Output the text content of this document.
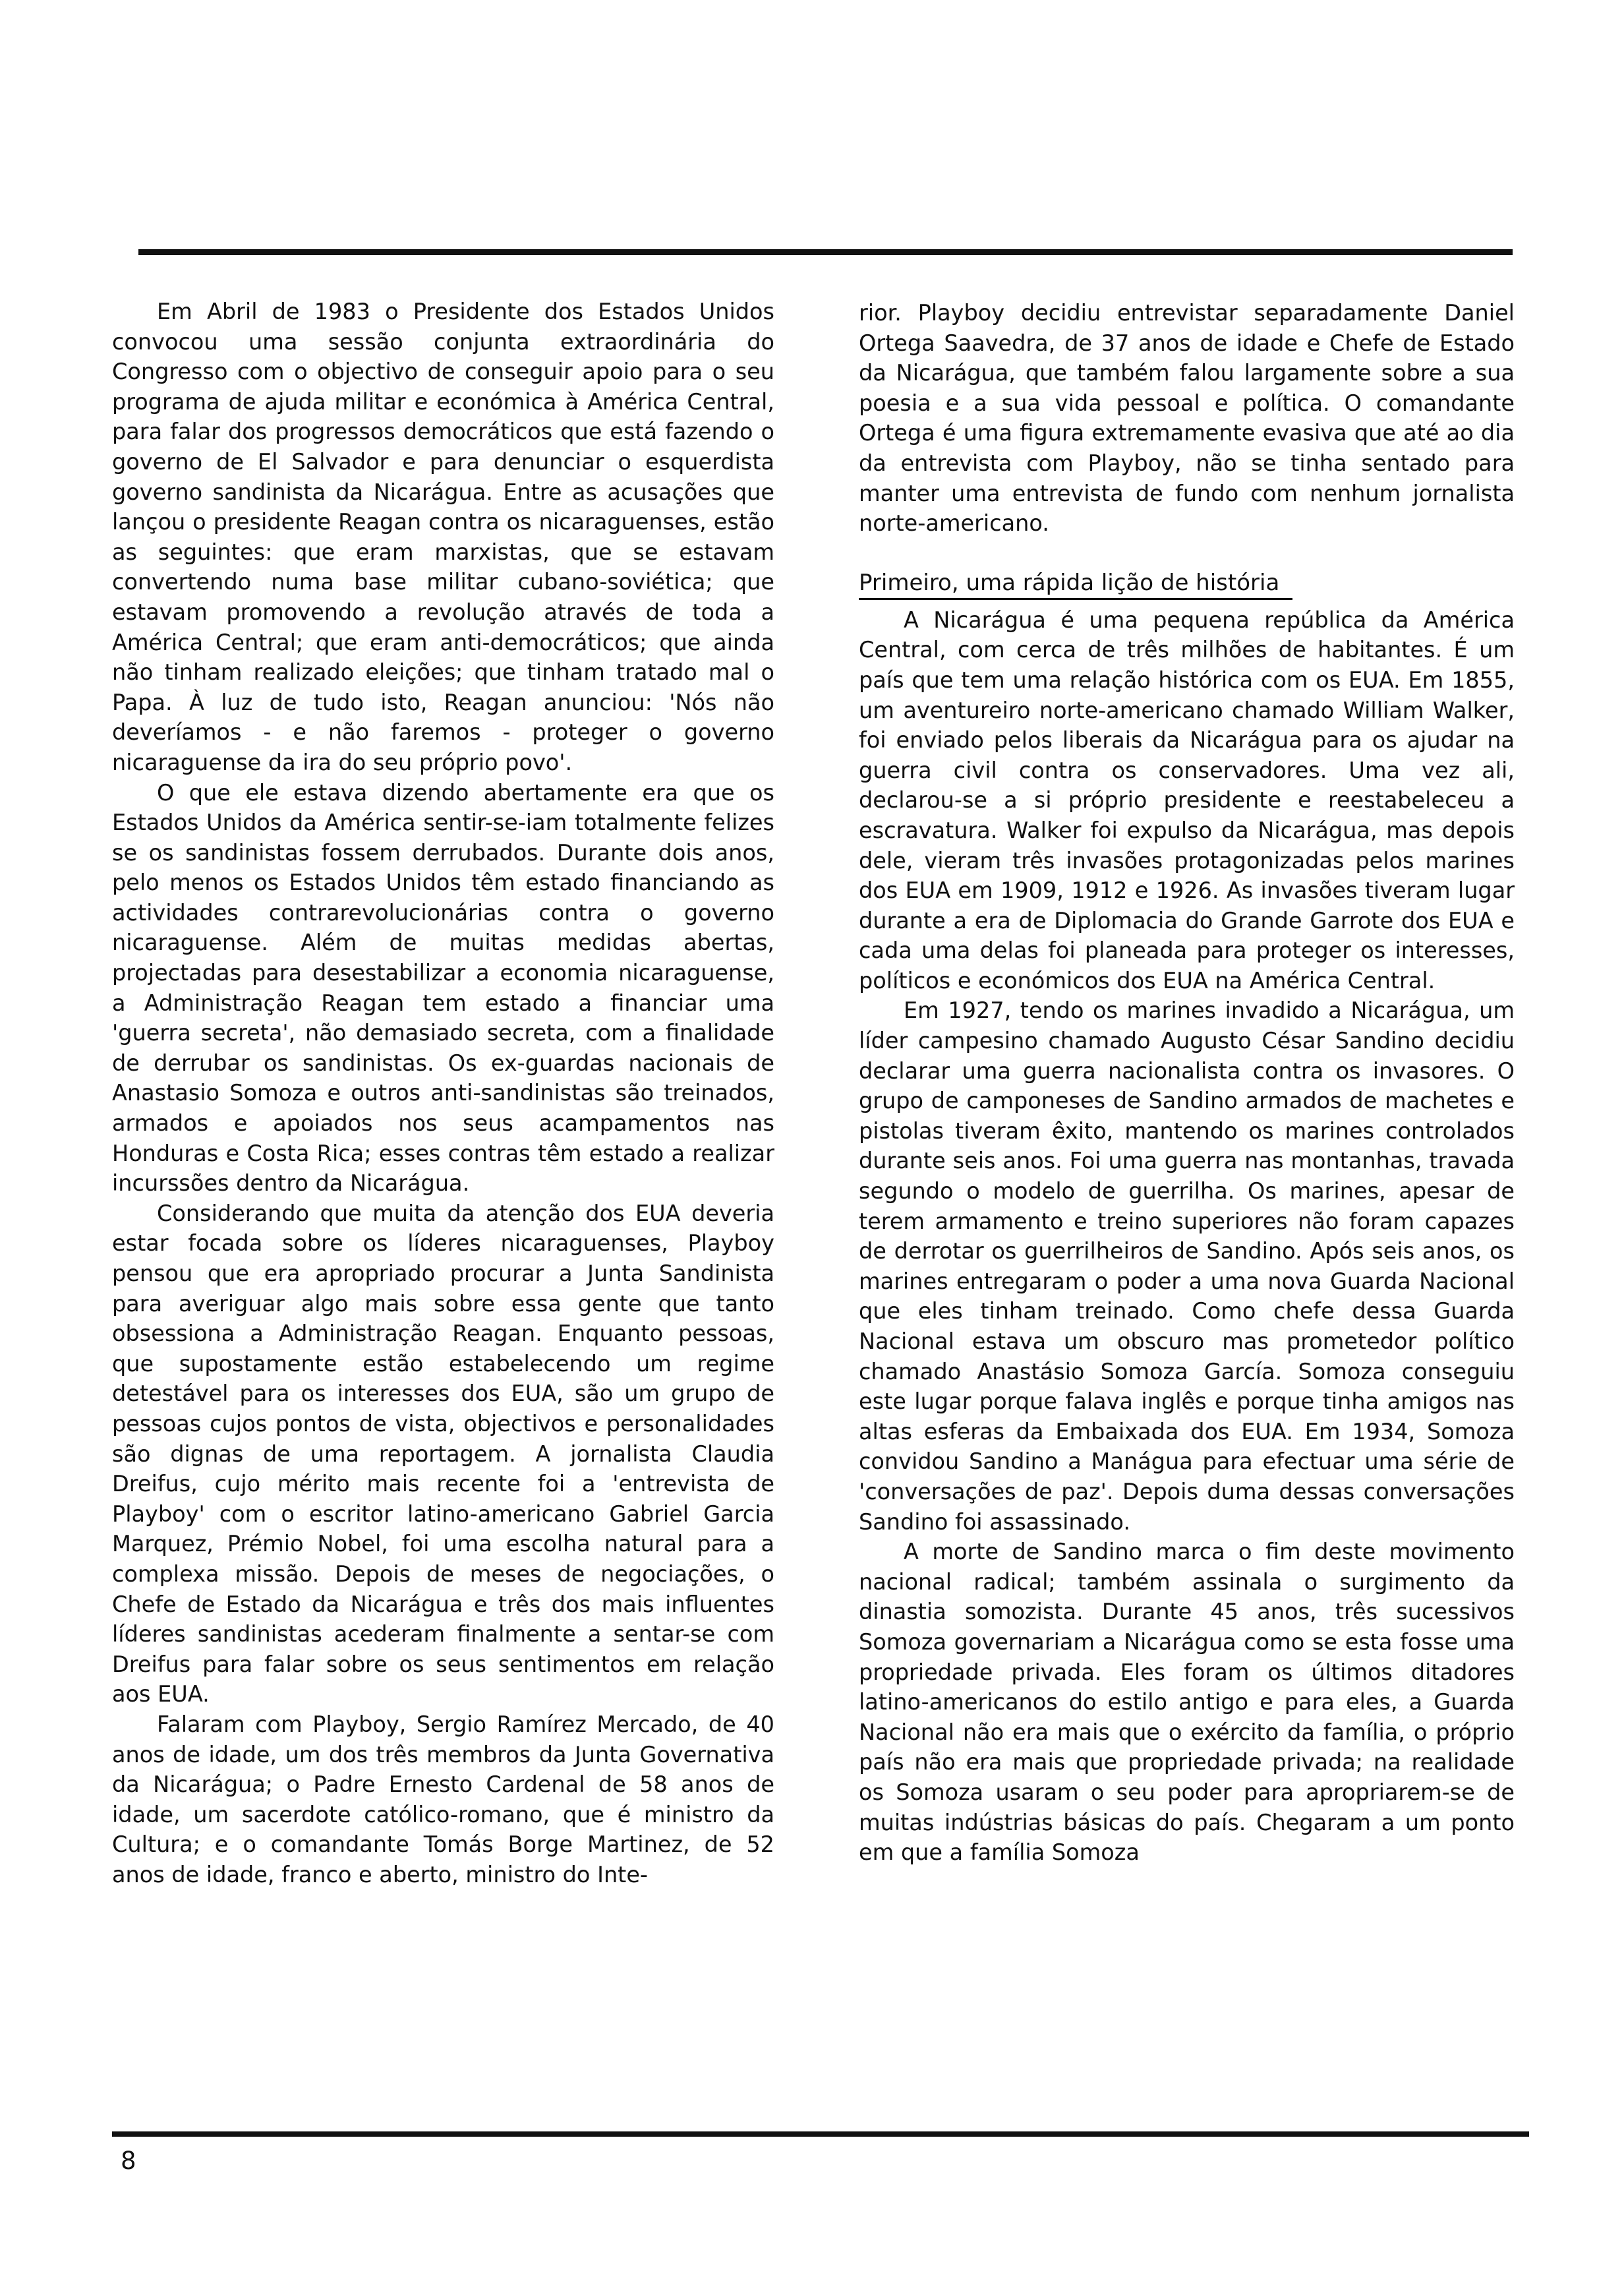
Em Abril de 1983 o Presidente dos Estados Unidos convocou uma sessão conjunta extraordinária do Congresso com o objectivo de conseguir apoio para o seu programa de ajuda militar e económica à América Central, para falar dos progressos democráticos que está fazendo o governo de El Salvador e para denunciar o esquerdista governo sandinista da Nicarágua. Entre as acusações que lançou o presidente Reagan contra os nicaraguenses, estão as seguintes: que eram marxistas, que se estavam convertendo numa base militar cubano-soviética; que estavam promovendo a revolução através de toda a América Central; que eram anti-democráticos; que ainda não tinham realizado eleições; que tinham tratado mal o Papa. À luz de tudo isto, Reagan anunciou: 'Nós não deveríamos - e não faremos - proteger o governo nicaraguense da ira do seu próprio povo'.

O que ele estava dizendo abertamente era que os Estados Unidos da América sentir-se-iam totalmente felizes se os sandinistas fossem derrubados. Durante dois anos, pelo menos os Estados Unidos têm estado financiando as actividades contrarevolucionárias contra o governo nicaraguense. Além de muitas medidas abertas, projectadas para desestabilizar a economia nicaraguense, a Administração Reagan tem estado a financiar uma 'guerra secreta', não demasiado secreta, com a finalidade de derrubar os sandinistas. Os ex-guardas nacionais de Anastasio Somoza e outros anti-sandinistas são treinados, armados e apoiados nos seus acampamentos nas Honduras e Costa Rica; esses contras têm estado a realizar incurssões dentro da Nicarágua.

Considerando que muita da atenção dos EUA deveria estar focada sobre os líderes nicaraguenses, Playboy pensou que era apropriado procurar a Junta Sandinista para averiguar algo mais sobre essa gente que tanto obsessiona a Administração Reagan. Enquanto pessoas, que supostamente estão estabelecendo um regime detestável para os interesses dos EUA, são um grupo de pessoas cujos pontos de vista, objectivos e personalidades são dignas de uma reportagem. A jornalista Claudia Dreifus, cujo mérito mais recente foi a 'entrevista de Playboy' com o escritor latino-americano Gabriel Garcia Marquez, Prémio Nobel, foi uma escolha natural para a complexa missão. Depois de meses de negociações, o Chefe de Estado da Nicarágua e três dos mais influentes líderes sandinistas acederam finalmente a sentar-se com Dreifus para falar sobre os seus sentimentos em relação aos EUA.

Falaram com Playboy, Sergio Ramírez Mercado, de 40 anos de idade, um dos três membros da Junta Governativa da Nicarágua; o Padre Ernesto Cardenal de 58 anos de idade, um sacerdote católico-romano, que é ministro da Cultura; e o comandante Tomás Borge Martinez, de 52 anos de idade, franco e aberto, ministro do Inte-

rior. Playboy decidiu entrevistar separadamente Daniel Ortega Saavedra, de 37 anos de idade e Chefe de Estado da Nicarágua, que também falou largamente sobre a sua poesia e a sua vida pessoal e política. O comandante Ortega é uma figura extremamente evasiva que até ao dia da entrevista com Playboy, não se tinha sentado para manter uma entrevista de fundo com nenhum jornalista norte-americano.

Primeiro, uma rápida lição de história

A Nicarágua é uma pequena república da América Central, com cerca de três milhões de habitantes. É um país que tem uma relação histórica com os EUA. Em 1855, um aventureiro norte-americano chamado William Walker, foi enviado pelos liberais da Nicarágua para os ajudar na guerra civil contra os conservadores. Uma vez ali, declarou-se a si próprio presidente e reestabeleceu a escravatura. Walker foi expulso da Nicarágua, mas depois dele, vieram três invasões protagonizadas pelos marines dos EUA em 1909, 1912 e 1926. As invasões tiveram lugar durante a era de Diplomacia do Grande Garrote dos EUA e cada uma delas foi planeada para proteger os interesses, políticos e económicos dos EUA na América Central.

Em 1927, tendo os marines invadido a Nicarágua, um líder campesino chamado Augusto César Sandino decidiu declarar uma guerra nacionalista contra os invasores. O grupo de camponeses de Sandino armados de machetes e pistolas tiveram êxito, mantendo os marines controlados durante seis anos. Foi uma guerra nas montanhas, travada segundo o modelo de guerrilha. Os marines, apesar de terem armamento e treino superiores não foram capazes de derrotar os guerrilheiros de Sandino. Após seis anos, os marines entregaram o poder a uma nova Guarda Nacional que eles tinham treinado. Como chefe dessa Guarda Nacional estava um obscuro mas prometedor político chamado Anastásio Somoza García. Somoza conseguiu este lugar porque falava inglês e porque tinha amigos nas altas esferas da Embaixada dos EUA. Em 1934, Somoza convidou Sandino a Manágua para efectuar uma série de 'conversações de paz'. Depois duma dessas conversações Sandino foi assassinado.

A morte de Sandino marca o fim deste movimento nacional radical; também assinala o surgimento da dinastia somozista. Durante 45 anos, três sucessivos Somoza governariam a Nicarágua como se esta fosse uma propriedade privada. Eles foram os últimos ditadores latino-americanos do estilo antigo e para eles, a Guarda Nacional não era mais que o exército da família, o próprio país não era mais que propriedade privada; na realidade os Somoza usaram o seu poder para apropriarem-se de muitas indústrias básicas do país. Chegaram a um ponto em que a família Somoza

8
